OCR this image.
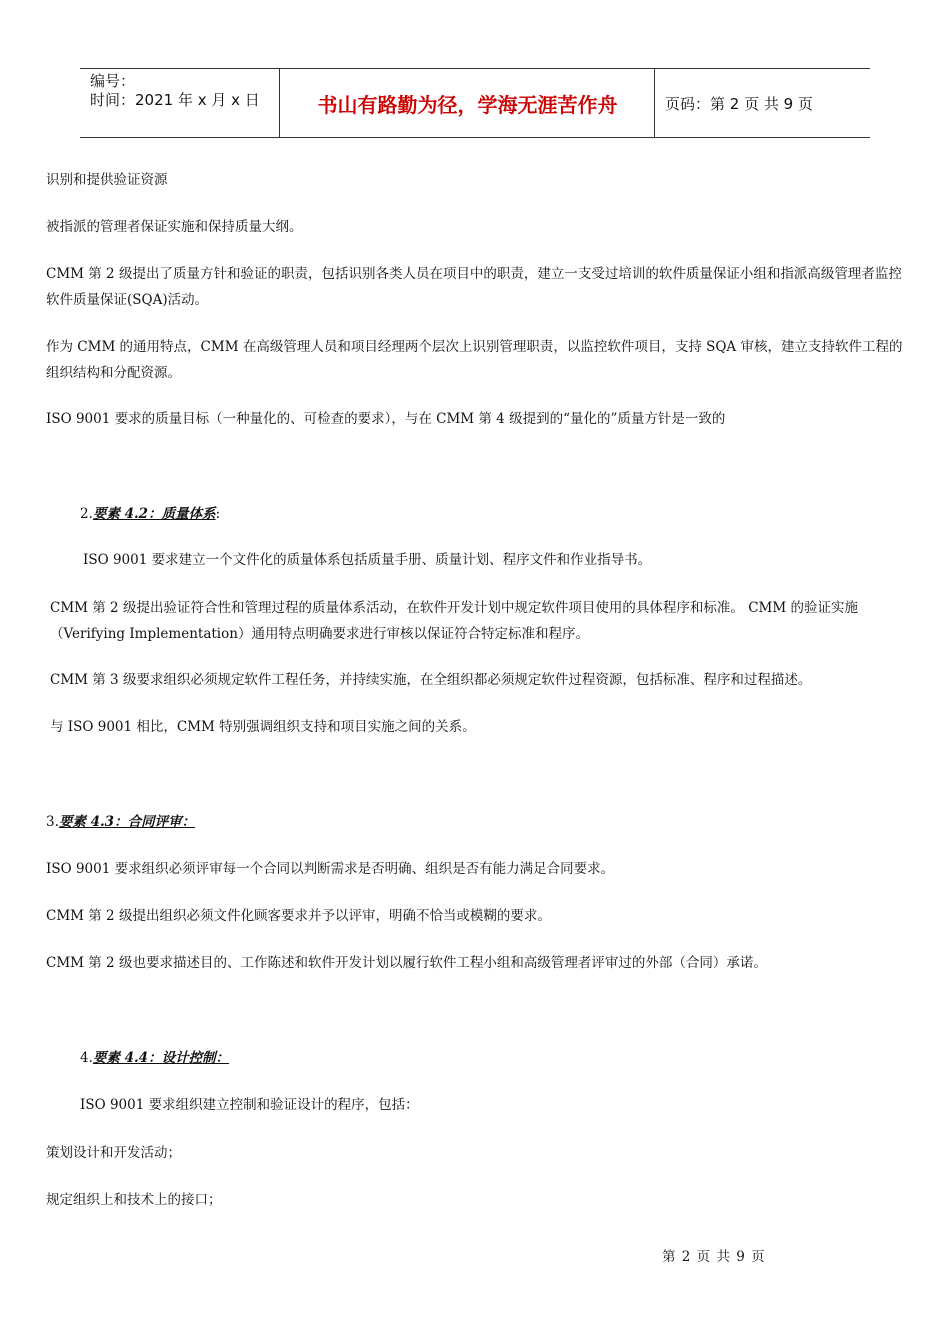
编号：
时间：2021 年 x 月 x 日	书山有路勤为径，学海无涯苦作舟	页码：第 2 页 共 9 页
识别和提供验证资源
被指派的管理者保证实施和保持质量大纲。
CMM 第 2 级提出了质量方针和验证的职责，包括识别各类人员在项目中的职责，建立一支受过培训的软件质量保证小组和指派高级管理者监控软件质量保证(SQA)活动。
作为 CMM 的通用特点，CMM 在高级管理人员和项目经理两个层次上识别管理职责，以监控软件项目，支持 SQA 审核，建立支持软件工程的组织结构和分配资源。
ISO 9001 要求的质量目标（一种量化的、可检查的要求），与在 CMM 第 4 级提到的“量化的”质量方针是一致的
2.要素 4.2：质量体系:
ISO 9001 要求建立一个文件化的质量体系包括质量手册、质量计划、程序文件和作业指导书。
CMM 第 2 级提出验证符合性和管理过程的质量体系活动，在软件开发计划中规定软件项目使用的具体程序和标准。 CMM 的验证实施（Verifying Implementation）通用特点明确要求进行审核以保证符合特定标准和程序。
CMM 第 3 级要求组织必须规定软件工程任务，并持续实施，在全组织都必须规定软件过程资源，包括标准、程序和过程描述。
与 ISO 9001 相比，CMM 特别强调组织支持和项目实施之间的关系。
3.要素 4.3：合同评审：
ISO 9001 要求组织必须评审每一个合同以判断需求是否明确、组织是否有能力满足合同要求。
CMM 第 2 级提出组织必须文件化顾客要求并予以评审，明确不恰当或模糊的要求。
CMM 第 2 级也要求描述目的、工作陈述和软件开发计划以履行软件工程小组和高级管理者评审过的外部（合同）承诺。
4.要素 4.4：设计控制：
ISO 9001 要求组织建立控制和验证设计的程序，包括：
策划设计和开发活动；
规定组织上和技术上的接口；
第 2 页 共 9 页
